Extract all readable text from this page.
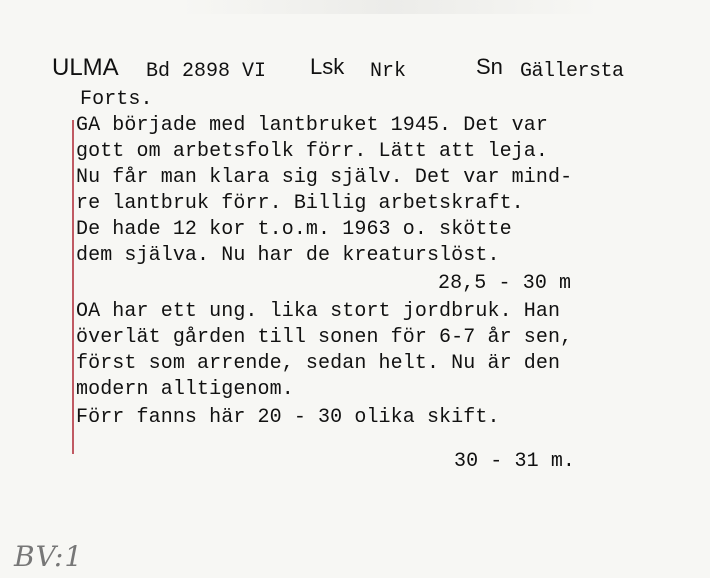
ULMA Bd 2898 VI Lsk Nrk	Sn Gällersta
Forts.
GA började med lantbruket 1945. Det var
gott om arbetsfolk förr. Lätt att leja.
Nu får man klara sig själv. Det var mind-
re lantbruk förr. Billig arbetskraft.
De hade 12 kor t.o.m. 1963 o. skötte
dem själva. Nu har de kreaturslöst.
28,5 - 30 m
OA har ett ung. lika stort jordbruk. Han
överlät gården till sonen för 6-7 år sen,
först som arrende, sedan helt. Nu är den
modern alltigenom.
Förr fanns här 20 - 30 olika skift.
30 - 31 m.
BV:1
